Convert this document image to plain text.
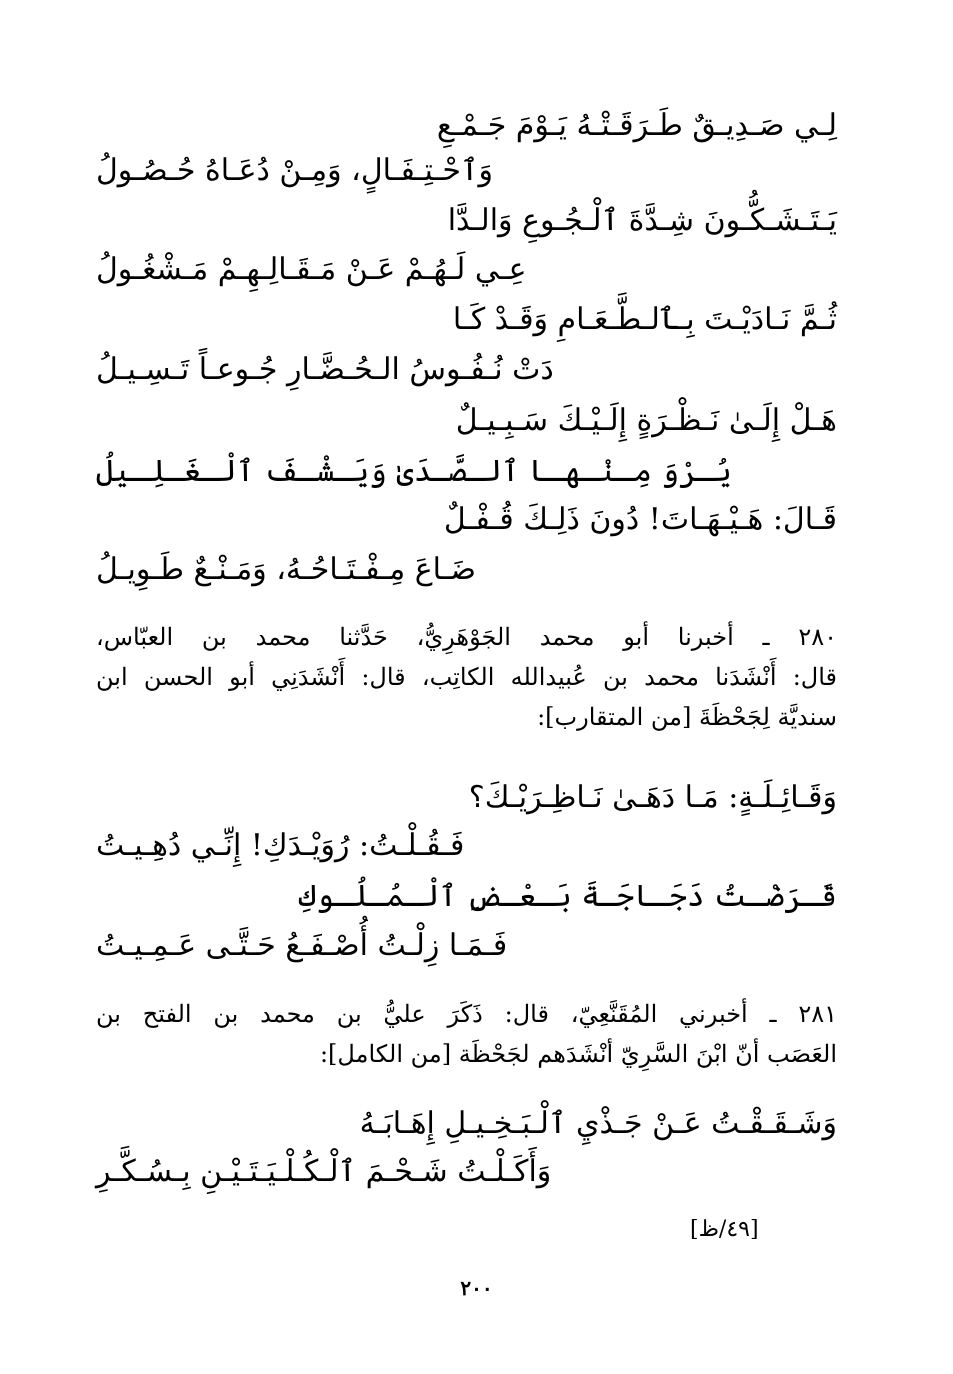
لِـي صَـدِيـقٌ طَـرَقَـتْـهُ يَـوْمَ جَـمْـعِ
وَٱحْـتِـفَـالٍ، وَمِـنْ دُعَـاهُ حُـصُـولُ
يَـتَـشَـكُّـونَ شِـدَّةَ ٱلْـجُـوعِ وَالـدَّا
عِـي لَـهُـمْ عَـنْ مَـقَـالِـهِـمْ مَـشْغُـولُ
ثُـمَّ نَـادَيْـتَ بِـٱلـطَّـعَـامِ وَقَـدْ كَـا
دَتْ نُـفُـوسُ الـحُـضَّـارِ جُـوعـاً تَـسِـيـلُ
هَـلْ إِلَـىٰ نَـظْـرَةٍ إِلَـيْـكَ سَـبِـيـلٌ
يُـرْوَ مِـنْـهـا ٱلـصَّـدَىٰ وَيَـشْـفَ ٱلْـغَـلِـيلُ
قَـالَ: هَـيْـهَـاتَ! دُونَ ذَلِـكَ قُـفْـلٌ
ضَـاعَ مِـفْـتَـاحُـهُ، وَمَـنْـعٌ طَـوِيـلُ
٢٨٠ ـ أخبرنا أبو محمد الجَوْهَرِيُّ، حَدَّثنا محمد بن العبّاس،
قال: أَنْشَدَنا محمد بن عُبيدالله الكاتِب، قال: أَنْشَدَنِي أبو الحسن ابن
سنديَّة لِجَحْظَةَ [من المتقارب]:
وَقَـائِـلَـةٍ: مَـا دَهَـىٰ نَـاظِـرَيْـكَ؟
فَـقُـلْـتُ: رُوَيْـدَكِ! إِنِّـي دُهِـيـتُ
قَـرَضْـتُ دَجَـاجَـةَ بَـعْـضِ ٱلْـمُـلُـوكِ
فَـمَـا زِلْـتُ أُصْـفَـعُ حَـتَّـى عَـمِـيـتُ
٢٨١ ـ أخبرني المُقَنَّعِيّ، قال: ذَكَرَ عليُّ بن محمد بن الفتح بن
العَصَب أنّ ابْنَ السَّرِيّ أنْشَدَهم لجَحْظَة [من الكامل]:
وَشَـقَـقْـتُ عَـنْ جَـذْيِ ٱلْـبَـخِـيـلِ إِهَـابَـهُ
وَأَكَـلْـتُ شَـحْـمَ ٱلْـكُـلْـيَـتَـيْـنِ بِـسُـكَّـرِ
[٤٩/ظ]
٢٠٠
